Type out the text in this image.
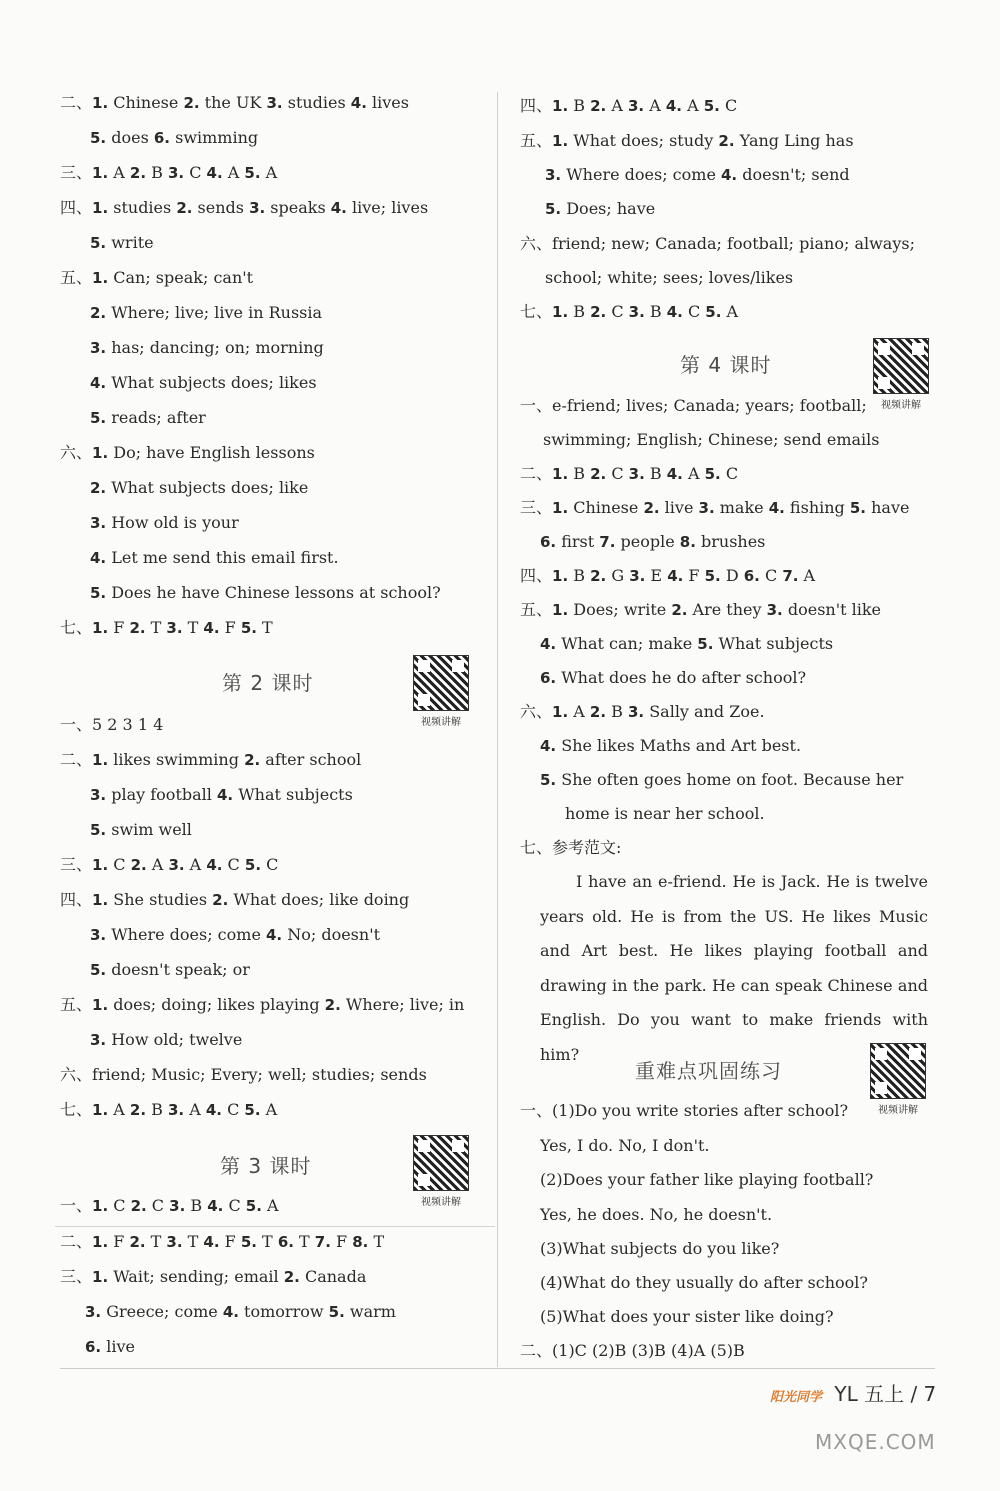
二、1. Chinese 2. the UK 3. studies 4. lives
5. does 6. swimming
三、1. A 2. B 3. C 4. A 5. A
四、1. studies 2. sends 3. speaks 4. live; lives
5. write
五、1. Can; speak; can't
2. Where; live; live in Russia
3. has; dancing; on; morning
4. What subjects does; likes
5. reads; after
六、1. Do; have English lessons
2. What subjects does; like
3. How old is your
4. Let me send this email first.
5. Does he have Chinese lessons at school?
七、1. F 2. T 3. T 4. F 5. T
一、5 2 3 1 4
二、1. likes swimming 2. after school
3. play football 4. What subjects
5. swim well
三、1. C 2. A 3. A 4. C 5. C
四、1. She studies 2. What does; like doing
3. Where does; come 4. No; doesn't
5. doesn't speak; or
五、1. does; doing; likes playing 2. Where; live; in
3. How old; twelve
六、friend; Music; Every; well; studies; sends
七、1. A 2. B 3. A 4. C 5. A
一、1. C 2. C 3. B 4. C 5. A
二、1. F 2. T 3. T 4. F 5. T 6. T 7. F 8. T
三、1. Wait; sending; email 2. Canada
3. Greece; come 4. tomorrow 5. warm
6. live
四、1. B 2. A 3. A 4. A 5. C
五、1. What does; study 2. Yang Ling has
3. Where does; come 4. doesn't; send
5. Does; have
六、friend; new; Canada; football; piano; always;
school; white; sees; loves/likes
七、1. B 2. C 3. B 4. C 5. A
一、e-friend; lives; Canada; years; football;
swimming; English; Chinese; send emails
二、1. B 2. C 3. B 4. A 5. C
三、1. Chinese 2. live 3. make 4. fishing 5. have
6. first 7. people 8. brushes
四、1. B 2. G 3. E 4. F 5. D 6. C 7. A
五、1. Does; write 2. Are they 3. doesn't like
4. What can; make 5. What subjects
6. What does he do after school?
六、1. A 2. B 3. Sally and Zoe.
4. She likes Maths and Art best.
5. She often goes home on foot. Because her
home is near her school.
七、参考范文:
一、(1)Do you write stories after school?
Yes, I do. No, I don't.
(2)Does your father like playing football?
Yes, he does. No, he doesn't.
(3)What subjects do you like?
(4)What do they usually do after school?
(5)What does your sister like doing?
二、(1)C (2)B (3)B (4)A (5)B
第 2 课时
第 3 课时
第 4 课时
重难点巩固练习
视频讲解
视频讲解
视频讲解
视频讲解
I have an e-friend. He is Jack. He is twelve years old. He is from the US. He likes Music and Art best. He likes playing football and drawing in the park. He can speak Chinese and English. Do you want to make friends with him?
阳光同学 YL 五上 / 7
MXQE.COM
